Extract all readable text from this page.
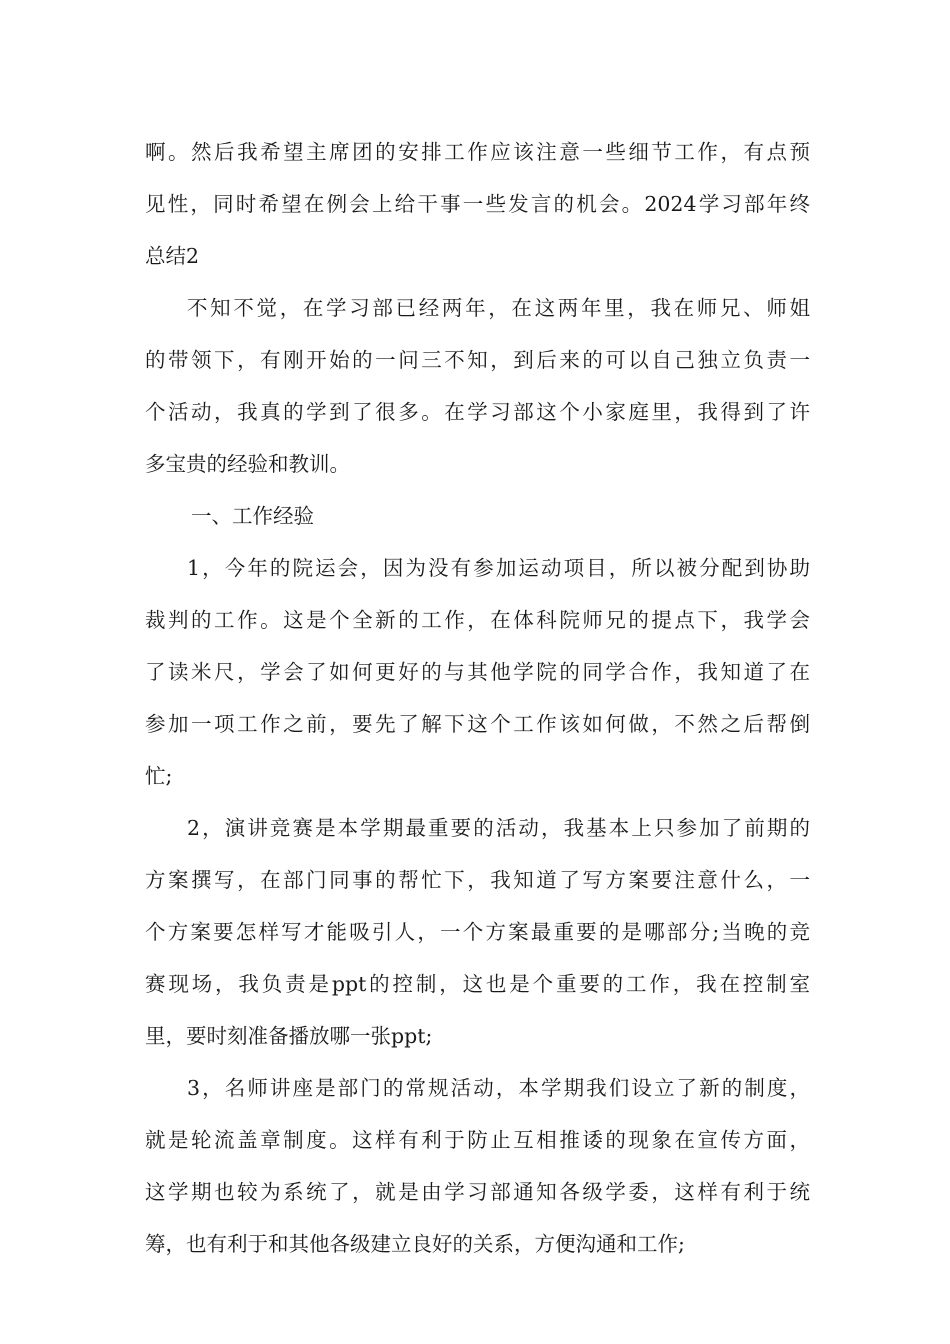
啊。然后我希望主席团的安排工作应该注意一些细节工作，有点预
见性，同时希望在例会上给干事一些发言的机会。2024学习部年终
总结2
不知不觉，在学习部已经两年，在这两年里，我在师兄、师姐
的带领下，有刚开始的一问三不知，到后来的可以自己独立负责一
个活动，我真的学到了很多。在学习部这个小家庭里，我得到了许
多宝贵的经验和教训。
一、工作经验
1，今年的院运会，因为没有参加运动项目，所以被分配到协助
裁判的工作。这是个全新的工作，在体科院师兄的提点下，我学会
了读米尺，学会了如何更好的与其他学院的同学合作，我知道了在
参加一项工作之前，要先了解下这个工作该如何做，不然之后帮倒
忙;
2，演讲竞赛是本学期最重要的活动，我基本上只参加了前期的
方案撰写，在部门同事的帮忙下，我知道了写方案要注意什么，一
个方案要怎样写才能吸引人，一个方案最重要的是哪部分;当晚的竞
赛现场，我负责是ppt的控制，这也是个重要的工作，我在控制室
里，要时刻准备播放哪一张ppt;
3，名师讲座是部门的常规活动，本学期我们设立了新的制度，
就是轮流盖章制度。这样有利于防止互相推诿的现象在宣传方面，
这学期也较为系统了，就是由学习部通知各级学委，这样有利于统
筹，也有利于和其他各级建立良好的关系，方便沟通和工作;
